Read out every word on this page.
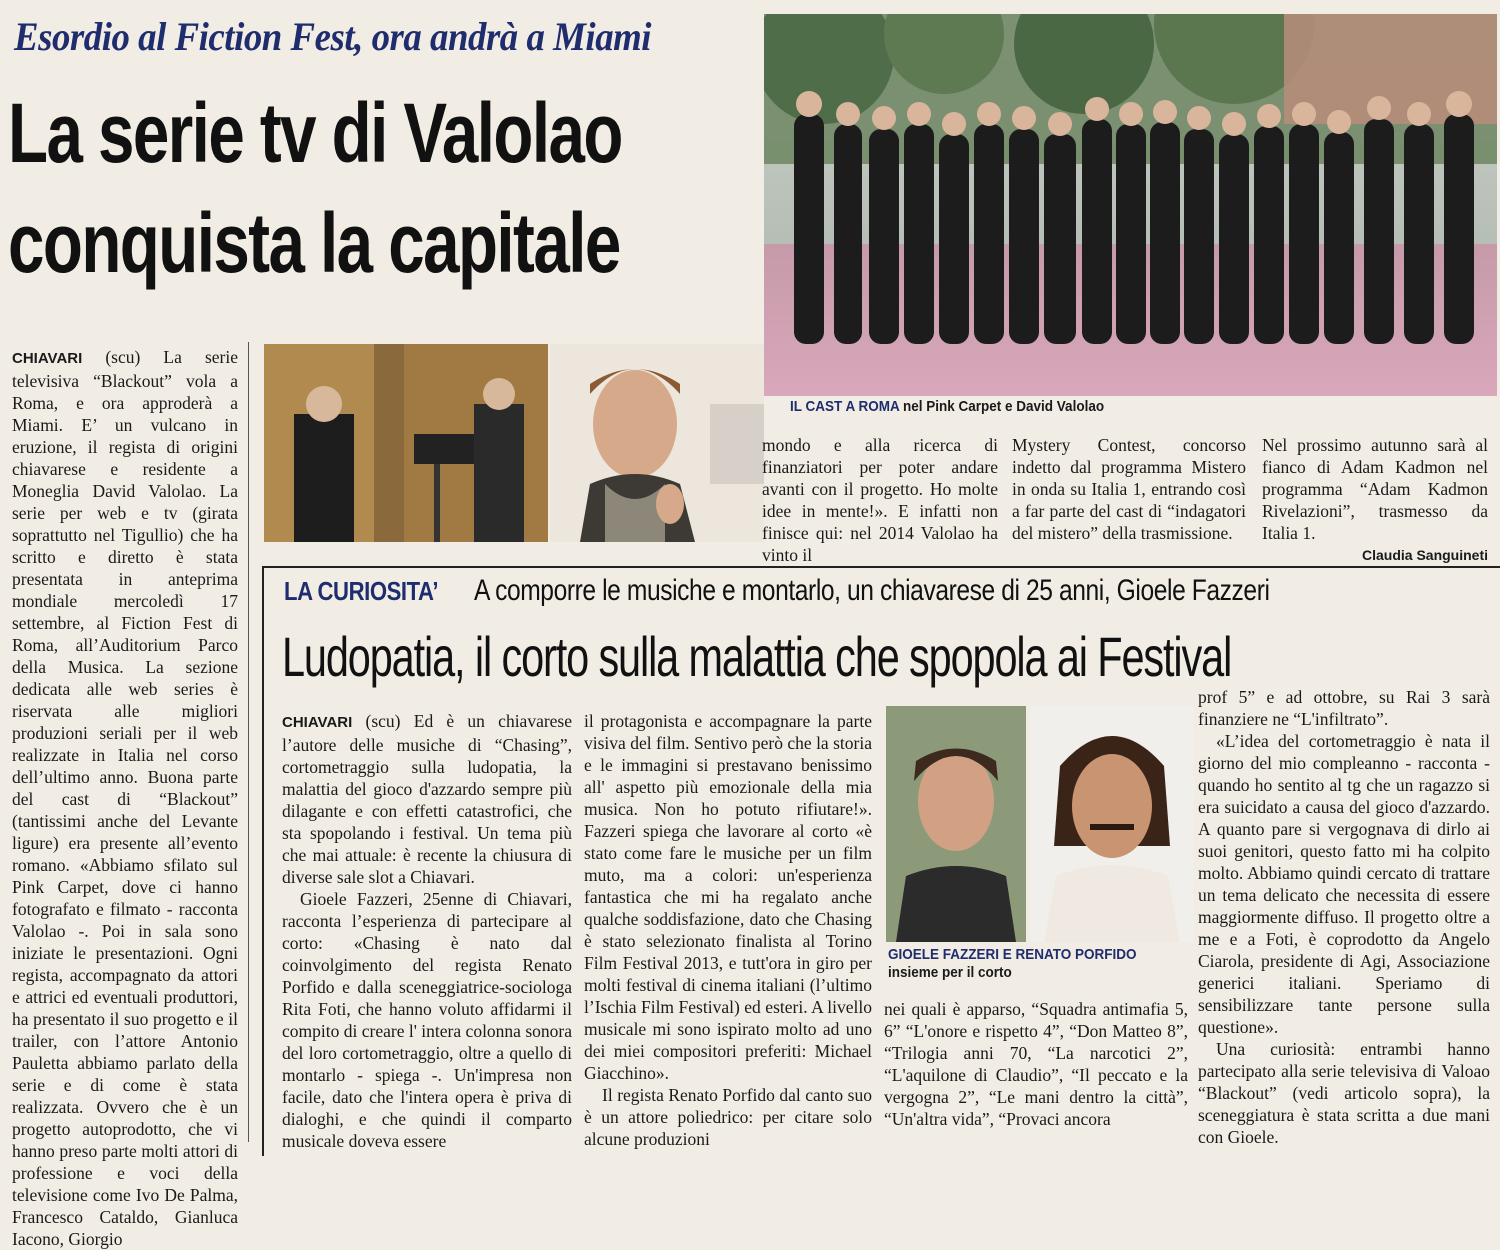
Esordio al Fiction Fest, ora andrà a Miami
La serie tv di Valolao
conquista la capitale
IL CAST A ROMA nel Pink Carpet e David Valolao

CHIAVARI (scu) La serie televisiva “Blackout” vola a Roma, e ora approderà a Miami. E’ un vulcano in eruzione, il regista di origini chiavarese e residente a Moneglia David Valolao. La serie per web e tv (girata soprattutto nel Tigullio) che ha scritto e diretto è stata presentata in anteprima mondiale mercoledì 17 settembre, al Fiction Fest di Roma, all’Auditorium Parco della Musica. La sezione dedicata alle web series è riservata alle migliori produzioni seriali per il web realizzate in Italia nel corso dell’ultimo anno. Buona parte del cast di “Blackout” (tantissimi anche del Levante ligure) era presente all’evento romano. «Abbiamo sfilato sul Pink Carpet, dove ci hanno fotografato e filmato - racconta Valolao -. Poi in sala sono iniziate le presentazioni. Ogni regista, accompagnato da attori e attrici ed eventuali produttori, ha presentato il suo progetto e il trailer, con l’attore Antonio Pauletta abbiamo parlato della serie e di come è stata realizzata. Ovvero che è un progetto autoprodotto, che vi hanno preso parte molti attori di professione e voci della televisione come Ivo De Palma, Francesco Cataldo, Gianluca Iacono, Giorgio

mondo e alla ricerca di finanziatori per poter andare avanti con il progetto. Ho molte idee in mente!». E infatti non finisce qui: nel 2014 Valolao ha vinto il

Mystery Contest, concorso indetto dal programma Mistero in onda su Italia 1, entrando così a far parte del cast di “indagatori del mistero” della trasmissione.

Nel prossimo autunno sarà al fianco di Adam Kadmon nel programma “Adam Kadmon Rivelazioni”, trasmesso da Italia 1.

Claudia Sanguineti
LA CURIOSITA’ A comporre le musiche e montarlo, un chiavarese di 25 anni, Gioele Fazzeri
Ludopatia, il corto sulla malattia che spopola ai Festival

CHIAVARI (scu) Ed è un chiavarese l’autore delle musiche di “Chasing”, cortometraggio sulla ludopatia, la malattia del gioco d'azzardo sempre più dilagante e con effetti catastrofici, che sta spopolando i festival. Un tema più che mai attuale: è recente la chiusura di diverse sale slot a Chiavari.

Gioele Fazzeri, 25enne di Chiavari, racconta l’esperienza di partecipare al corto: «Chasing è nato dal coinvolgimento del regista Renato Porfido e dalla sceneggiatrice-sociologa Rita Foti, che hanno voluto affidarmi il compito di creare l' intera colonna sonora del loro cortometraggio, oltre a quello di montarlo - spiega -. Un'impresa non facile, dato che l'intera opera è priva di dialoghi, e che quindi il comparto musicale doveva essere

il protagonista e accompagnare la parte visiva del film. Sentivo però che la storia e le immagini si prestavano benissimo all' aspetto più emozionale della mia musica. Non ho potuto rifiutare!». Fazzeri spiega che lavorare al corto «è stato come fare le musiche per un film muto, ma a colori: un'esperienza fantastica che mi ha regalato anche qualche soddisfazione, dato che Chasing è stato selezionato finalista al Torino Film Festival 2013, e tutt'ora in giro per molti festival di cinema italiani (l’ultimo l’Ischia Film Festival) ed esteri. A livello musicale mi sono ispirato molto ad uno dei miei compositori preferiti: Michael Giacchino».

Il regista Renato Porfido dal canto suo è un attore poliedrico: per citare solo alcune produzioni

GIOELE FAZZERI E RENATO PORFIDO insieme per il corto

nei quali è apparso, “Squadra antimafia 5, 6” “L'onore e rispetto 4”, “Don Matteo 8”, “Trilogia anni 70, “La narcotici 2”, “L'aquilone di Claudio”, “Il peccato e la vergogna 2”, “Le mani dentro la città”, “Un'altra vida”, “Provaci ancora

prof 5” e ad ottobre, su Rai 3 sarà finanziere ne “L'infiltrato”.

«L’idea del cortometraggio è nata il giorno del mio compleanno - racconta - quando ho sentito al tg che un ragazzo si era suicidato a causa del gioco d'azzardo. A quanto pare si vergognava di dirlo ai suoi genitori, questo fatto mi ha colpito molto. Abbiamo quindi cercato di trattare un tema delicato che necessita di essere maggiormente diffuso. Il progetto oltre a me e a Foti, è coprodotto da Angelo Ciarola, presidente di Agi, Associazione generici italiani. Speriamo di sensibilizzare tante persone sulla questione».

Una curiosità: entrambi hanno partecipato alla serie televisiva di Valoao “Blackout” (vedi articolo sopra), la sceneggiatura è stata scritta a due mani con Gioele.
